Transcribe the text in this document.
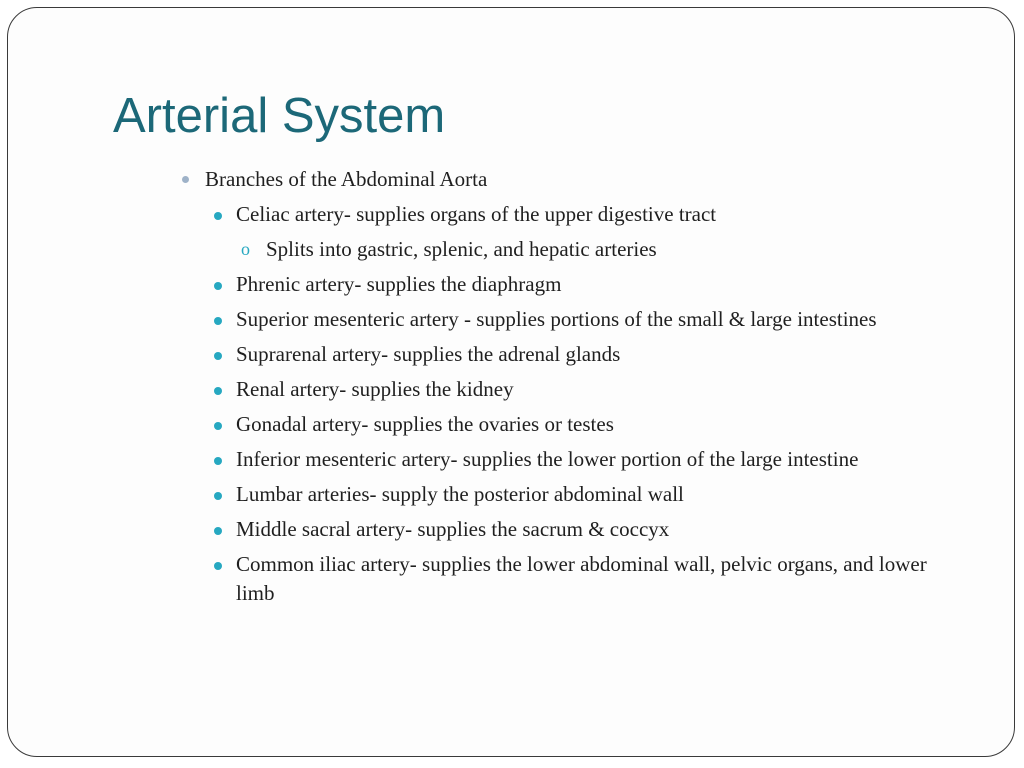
Arterial System
Branches of the Abdominal Aorta
Celiac artery- supplies organs of the upper digestive tract
o Splits into gastric, splenic, and hepatic arteries
Phrenic artery- supplies the diaphragm
Superior mesenteric artery - supplies portions of the small & large intestines
Suprarenal artery- supplies the adrenal glands
Renal artery- supplies the kidney
Gonadal artery- supplies the ovaries or testes
Inferior mesenteric artery- supplies the lower portion of the large intestine
Lumbar arteries- supply the posterior abdominal wall
Middle sacral artery- supplies the sacrum & coccyx
Common iliac artery- supplies the lower abdominal wall, pelvic organs, and lower limb
